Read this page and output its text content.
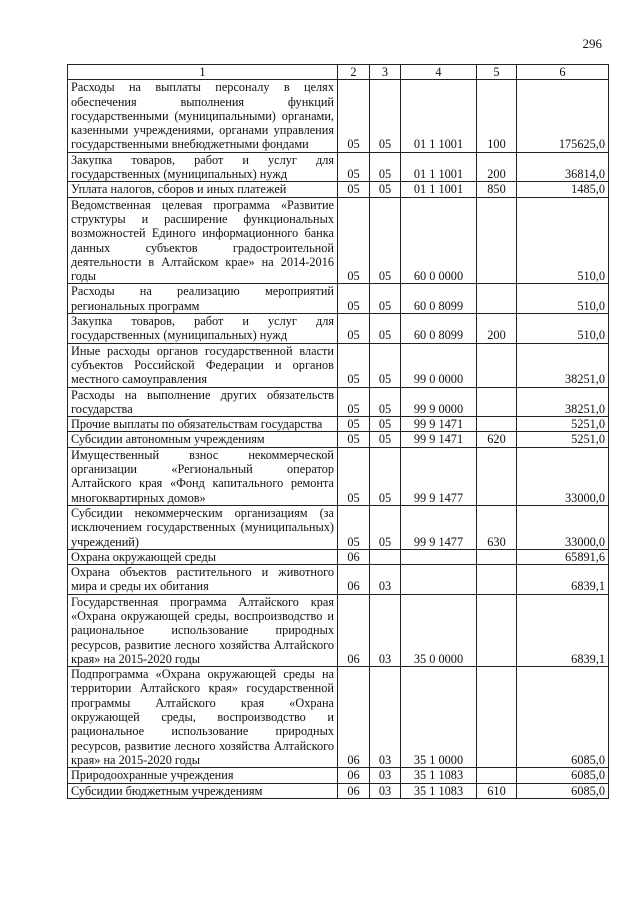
296
1	2	3	4	5	6
Расходы на выплаты персоналу в целях обеспечения выполнения функций государственными (муниципальными) органами, казенными учреждениями, органами управления государственными внебюджетными фондами	05	05	01 1 1001	100	175625,0
Закупка товаров, работ и услуг для государственных (муниципальных) нужд	05	05	01 1 1001	200	36814,0
Уплата налогов, сборов и иных платежей	05	05	01 1 1001	850	1485,0
Ведомственная целевая программа «Развитие структуры и расширение функциональных возможностей Единого информационного банка данных субъектов градостроительной деятельности в Алтайском крае» на 2014-2016 годы	05	05	60 0 0000		510,0
Расходы на реализацию мероприятий региональных программ	05	05	60 0 8099		510,0
Закупка товаров, работ и услуг для государственных (муниципальных) нужд	05	05	60 0 8099	200	510,0
Иные расходы органов государственной власти субъектов Российской Федерации и органов местного самоуправления	05	05	99 0 0000		38251,0
Расходы на выполнение других обязательств государства	05	05	99 9 0000		38251,0
Прочие выплаты по обязательствам государства	05	05	99 9 1471		5251,0
Субсидии автономным учреждениям	05	05	99 9 1471	620	5251,0
Имущественный взнос некоммерческой организации «Региональный оператор Алтайского края «Фонд капитального ремонта многоквартирных домов»	05	05	99 9 1477		33000,0
Субсидии некоммерческим организациям (за исключением государственных (муниципальных) учреждений)	05	05	99 9 1477	630	33000,0
Охрана окружающей среды	06				65891,6
Охрана объектов растительного и животного мира и среды их обитания	06	03			6839,1
Государственная программа Алтайского края «Охрана окружающей среды, воспроизводство и рациональное использование природных ресурсов, развитие лесного хозяйства Алтайского края» на 2015-2020 годы	06	03	35 0 0000		6839,1
Подпрограмма «Охрана окружающей среды на территории Алтайского края» государственной программы Алтайского края «Охрана окружающей среды, воспроизводство и рациональное использование природных ресурсов, развитие лесного хозяйства Алтайского края» на 2015-2020 годы	06	03	35 1 0000		6085,0
Природоохранные учреждения	06	03	35 1 1083		6085,0
Субсидии бюджетным учреждениям	06	03	35 1 1083	610	6085,0
